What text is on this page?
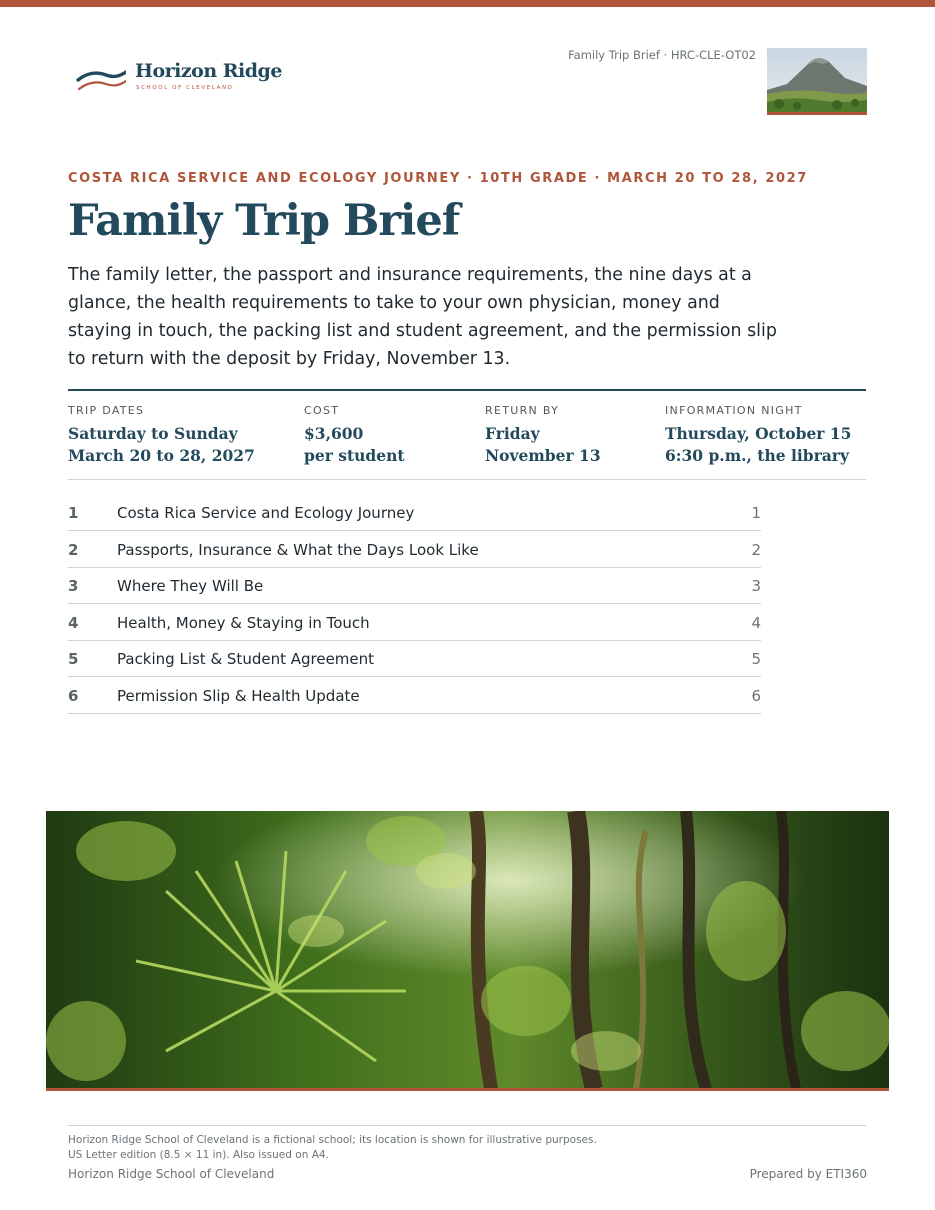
Horizon Ridge
SCHOOL OF CLEVELAND
Family Trip Brief · HRC-CLE-OT02
COSTA RICA SERVICE AND ECOLOGY JOURNEY · 10TH GRADE · MARCH 20 TO 28, 2027
Family Trip Brief

The family letter, the passport and insurance requirements, the nine days at a glance, the health requirements to take to your own physician, money and staying in touch, the packing list and student agreement, and the permission slip to return with the deposit by Friday, November 13.

TRIP DATES
Saturday to Sunday
March 20 to 28, 2027
COST
$3,600
per student
RETURN BY
Friday
November 13
INFORMATION NIGHT
Thursday, October 15
6:30 p.m., the library
1	Costa Rica Service and Ecology Journey	1
2	Passports, Insurance & What the Days Look Like	2
3	Where They Will Be	3
4	Health, Money & Staying in Touch	4
5	Packing List & Student Agreement	5
6	Permission Slip & Health Update	6
Horizon Ridge School of Cleveland is a fictional school; its location is shown for illustrative purposes.
US Letter edition (8.5 × 11 in). Also issued on A4.
Horizon Ridge School of Cleveland	Prepared by ETI360
